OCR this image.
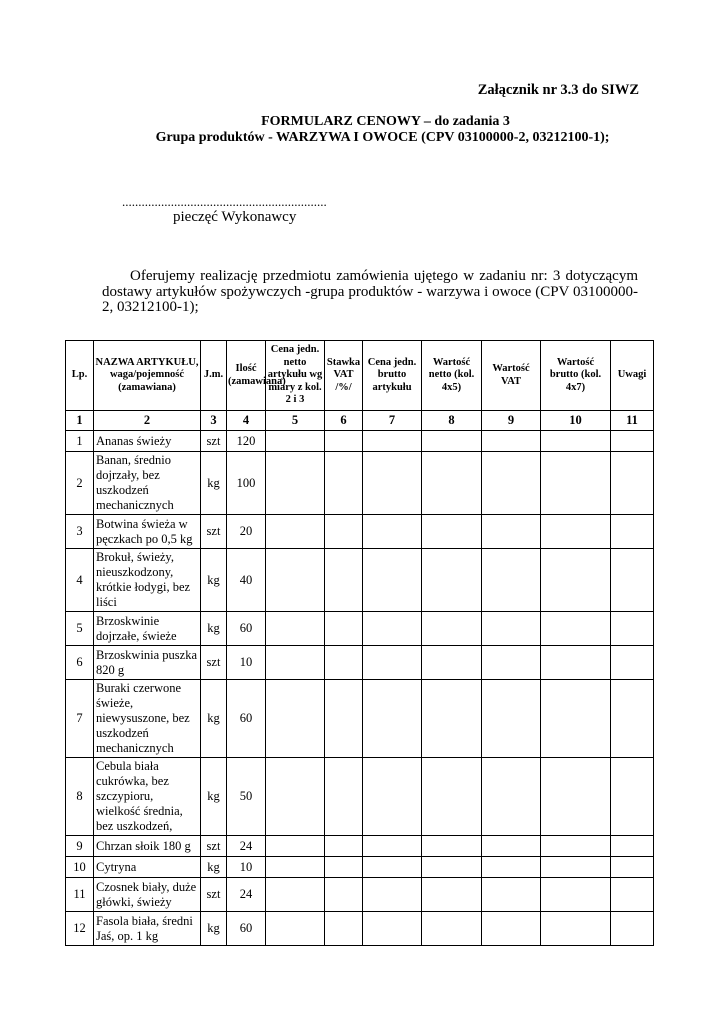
Załącznik nr 3.3 do SIWZ
FORMULARZ CENOWY – do zadania 3
Grupa produktów - WARZYWA I OWOCE (CPV 03100000-2, 03212100-1);
...............................................................
pieczęć Wykonawcy
Oferujemy realizację przedmiotu zamówienia ujętego w zadaniu nr: 3 dotyczącym dostawy artykułów spożywczych -grupa produktów - warzywa i owoce (CPV 03100000-2, 03212100-1);
Lp.	NAZWA ARTYKUŁU, waga/pojemność (zamawiana)	J.m.	Ilość (zamawiana)	Cena jedn. netto artykułu wg miary z kol. 2 i 3	Stawka VAT /%/	Cena jedn. brutto artykułu	Wartość netto (kol. 4x5)	Wartość VAT	Wartość brutto (kol. 4x7)	Uwagi
1	2	3	4	5	6	7	8	9	10	11
1	Ananas świeży	szt	120							
2	Banan, średnio dojrzały, bez uszkodzeń mechanicznych	kg	100							
3	Botwina świeża w pęczkach po 0,5 kg	szt	20							
4	Brokuł, świeży, nieuszkodzony, krótkie łodygi, bez liści	kg	40							
5	Brzoskwinie dojrzałe, świeże	kg	60							
6	Brzoskwinia puszka 820 g	szt	10							
7	Buraki czerwone świeże, niewysuszone, bez uszkodzeń mechanicznych	kg	60							
8	Cebula biała cukrówka, bez szczypioru, wielkość średnia, bez uszkodzeń,	kg	50							
9	Chrzan słoik 180 g	szt	24							
10	Cytryna	kg	10							
11	Czosnek biały, duże główki, świeży	szt	24							
12	Fasola biała, średni Jaś, op. 1 kg	kg	60							
